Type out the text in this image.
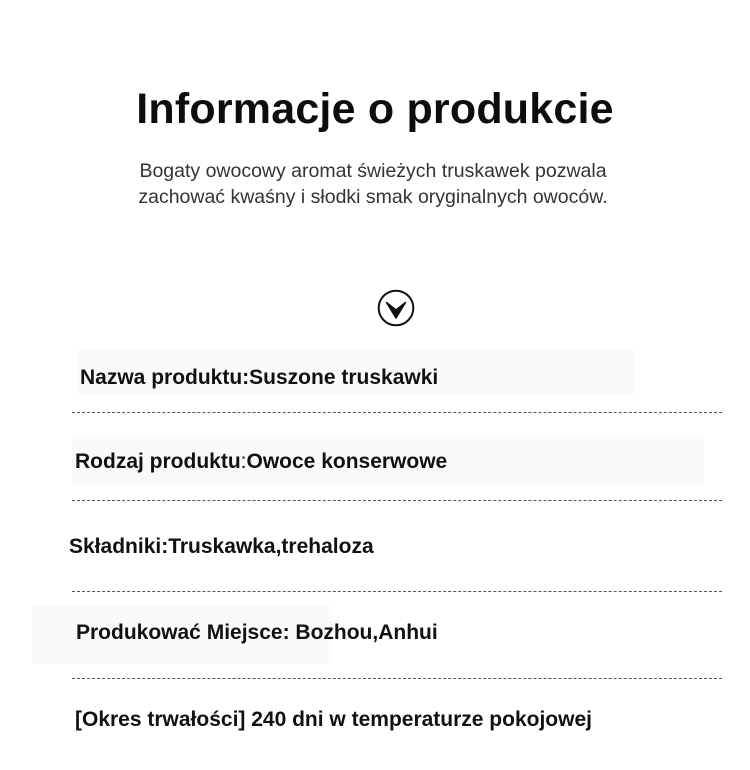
Informacje o produkcie

Bogaty owocowy aromat świeżych truskawek pozwala
zachować kwaśny i słodki smak oryginalnych owoców.

Nazwa produktu:Suszone truskawki
Rodzaj produktu:Owoce konserwowe
Składniki:Truskawka,trehaloza
Produkować Miejsce: Bozhou,Anhui
[Okres trwałości] 240 dni w temperaturze pokojowej
